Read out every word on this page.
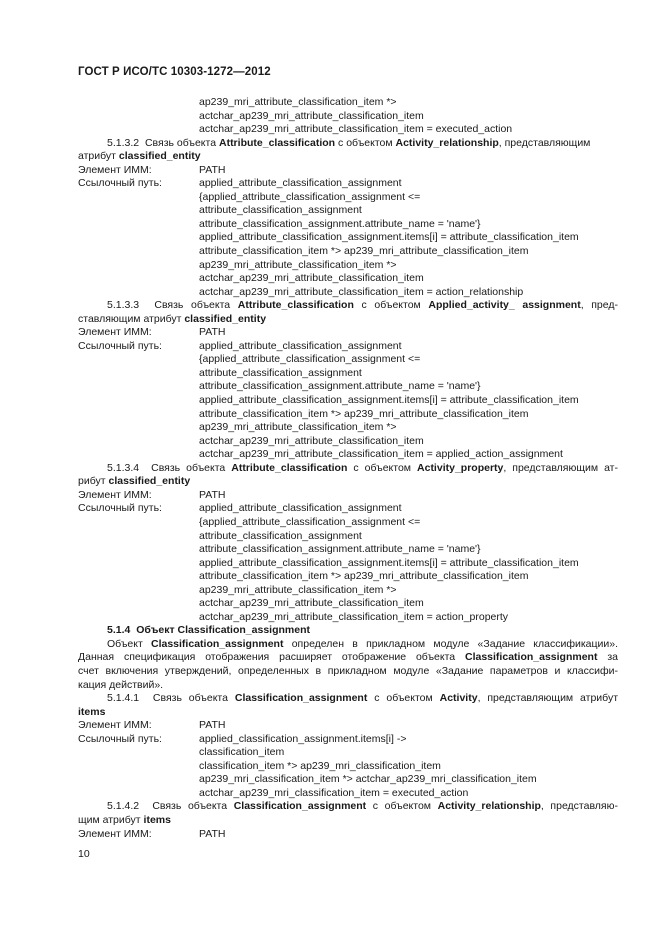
ГОСТ Р ИСО/ТС 10303-1272—2012
ap239_mri_attribute_classification_item *>
actchar_ap239_mri_attribute_classification_item
actchar_ap239_mri_attribute_classification_item = executed_action
5.1.3.2 Связь объекта Attribute_classification с объектом Activity_relationship, представляющим
атрибут classified_entity
Элемент ИММ:	PATH
Ссылочный путь:	applied_attribute_classification_assignment
{applied_attribute_classification_assignment <=
attribute_classification_assignment
attribute_classification_assignment.attribute_name = 'name'}
applied_attribute_classification_assignment.items[i] = attribute_classification_item
attribute_classification_item *> ap239_mri_attribute_classification_item
ap239_mri_attribute_classification_item *>
actchar_ap239_mri_attribute_classification_item
actchar_ap239_mri_attribute_classification_item = action_relationship
5.1.3.3 Связь объекта Attribute_classification с объектом Applied_activity_ assignment, пред-
ставляющим атрибут classified_entity
Элемент ИММ:	PATH
Ссылочный путь:	applied_attribute_classification_assignment
{applied_attribute_classification_assignment <=
attribute_classification_assignment
attribute_classification_assignment.attribute_name = 'name'}
applied_attribute_classification_assignment.items[i] = attribute_classification_item
attribute_classification_item *> ap239_mri_attribute_classification_item
ap239_mri_attribute_classification_item *>
actchar_ap239_mri_attribute_classification_item
actchar_ap239_mri_attribute_classification_item = applied_action_assignment
5.1.3.4 Связь объекта Attribute_classification с объектом Activity_property, представляющим ат-
рибут classified_entity
Элемент ИММ:	PATH
Ссылочный путь:	applied_attribute_classification_assignment
{applied_attribute_classification_assignment <=
attribute_classification_assignment
attribute_classification_assignment.attribute_name = 'name'}
applied_attribute_classification_assignment.items[i] = attribute_classification_item
attribute_classification_item *> ap239_mri_attribute_classification_item
ap239_mri_attribute_classification_item *>
actchar_ap239_mri_attribute_classification_item
actchar_ap239_mri_attribute_classification_item = action_property
5.1.4 Объект Classification_assignment
Объект Classification_assignment определен в прикладном модуле «Задание классификации».
Данная спецификация отображения расширяет отображение объекта Classification_assignment за
счет включения утверждений, определенных в прикладном модуле «Задание параметров и классифи-
кация действий».
5.1.4.1 Связь объекта Classification_assignment с объектом Activity, представляющим атрибут
items
Элемент ИММ:	PATH
Ссылочный путь:	applied_classification_assignment.items[i] ->
classification_item
classification_item *> ap239_mri_classification_item
ap239_mri_classification_item *> actchar_ap239_mri_classification_item
actchar_ap239_mri_classification_item = executed_action
5.1.4.2 Связь объекта Classification_assignment с объектом Activity_relationship, представляю-
щим атрибут items
Элемент ИММ:	PATH
10
